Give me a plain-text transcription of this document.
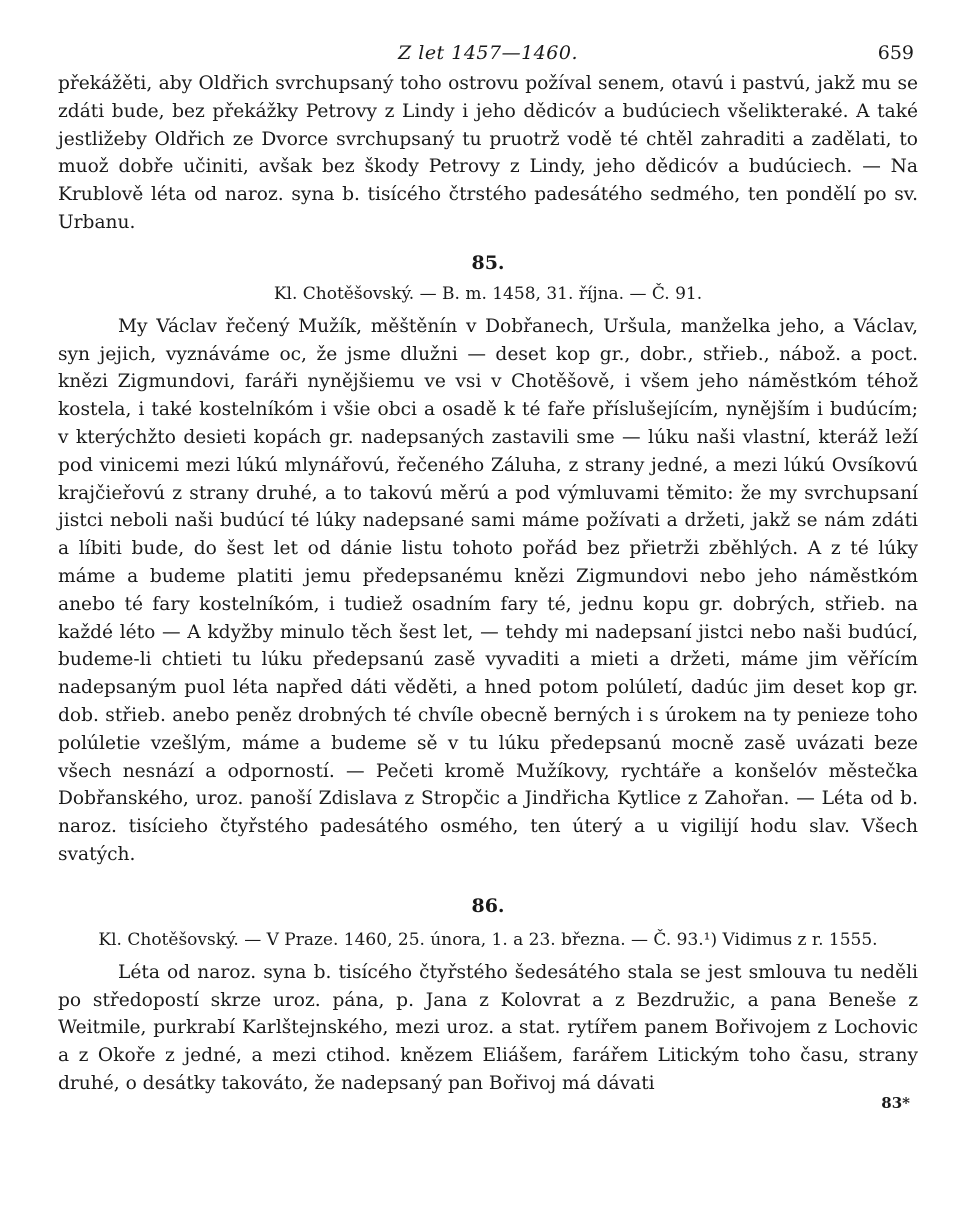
Z let 1457—1460.	659

překážěti, aby Oldřich svrchupsaný toho ostrovu požíval senem, otavú i pastvú, jakž mu se zdáti bude, bez překážky Petrovy z Lindy i jeho dědicóv a budúciech všelikteraké. A také jestližeby Oldřich ze Dvorce svrchupsaný tu pruotrž vodě té chtěl zahraditi a zadělati, to muož dobře učiniti, avšak bez škody Petrovy z Lindy, jeho dědicóv a budúciech. — Na Krublově léta od naroz. syna b. tisícého čtrstého padesátého sedmého, ten pondělí po sv. Urbanu.

85.

Kl. Chotěšovský. — B. m. 1458, 31. října. — Č. 91.

My Václav řečený Mužík, měštěnín v Dobřanech, Uršula, manželka jeho, a Václav, syn jejich, vyznáváme oc, že jsme dlužni — deset kop gr., dobr., střieb., nábož. a poct. knězi Zigmundovi, faráři nynějšiemu ve vsi v Chotěšově, i všem jeho náměstkóm téhož kostela, i také kostelníkóm i všie obci a osadě k té faře příslušejícím, nynějším i budúcím; v kterýchžto desieti kopách gr. nadepsaných zastavili sme — lúku naši vlastní, kteráž leží pod vinicemi mezi lúkú mlynářovú, řečeného Záluha, z strany jedné, a mezi lúkú Ovsíkovú krajčieřovú z strany druhé, a to takovú měrú a pod výmluvami těmito: že my svrchupsaní jistci neboli naši budúcí té lúky nadepsané sami máme požívati a držeti, jakž se nám zdáti a líbiti bude, do šest let od dánie listu tohoto pořád bez přietrži zběhlých. A z té lúky máme a budeme platiti jemu předepsanému knězi Zigmundovi nebo jeho náměstkóm anebo té fary kostelníkóm, i tudiež osadním fary té, jednu kopu gr. dobrých, střieb. na každé léto — A kdyžby minulo těch šest let, — tehdy mi nadepsaní jistci nebo naši budúcí, budeme-li chtieti tu lúku předepsanú zasě vyvaditi a mieti a držeti, máme jim věřícím nadepsaným puol léta napřed dáti věděti, a hned potom polúletí, dadúc jim deset kop gr. dob. střieb. anebo peněz drobných té chvíle obecně berných i s úrokem na ty penieze toho polúletie vzešlým, máme a budeme sě v tu lúku předepsanú mocně zasě uvázati beze všech nesnází a odporností. — Pečeti kromě Mužíkovy, rychtáře a konšelóv městečka Dobřanského, uroz. panoší Zdislava z Stropčic a Jindřicha Kytlice z Zahořan. — Léta od b. naroz. tisícieho čtyřstého padesátého osmého, ten úterý a u vigilijí hodu slav. Všech svatých.

86.

Kl. Chotěšovský. — V Praze. 1460, 25. února, 1. a 23. března. — Č. 93.¹) Vidimus z r. 1555.

Léta od naroz. syna b. tisícého čtyřstého šedesátého stala se jest smlouva tu neděli po středopostí skrze uroz. pána, p. Jana z Kolovrat a z Bezdružic, a pana Beneše z Weitmile, purkrabí Karlštejnského, mezi uroz. a stat. rytířem panem Bořivojem z Lochovic a z Okoře z jedné, a mezi ctihod. knězem Eliášem, farářem Litickým toho času, strany druhé, o desátky takováto, že nadepsaný pan Bořivoj má dávati

83*
